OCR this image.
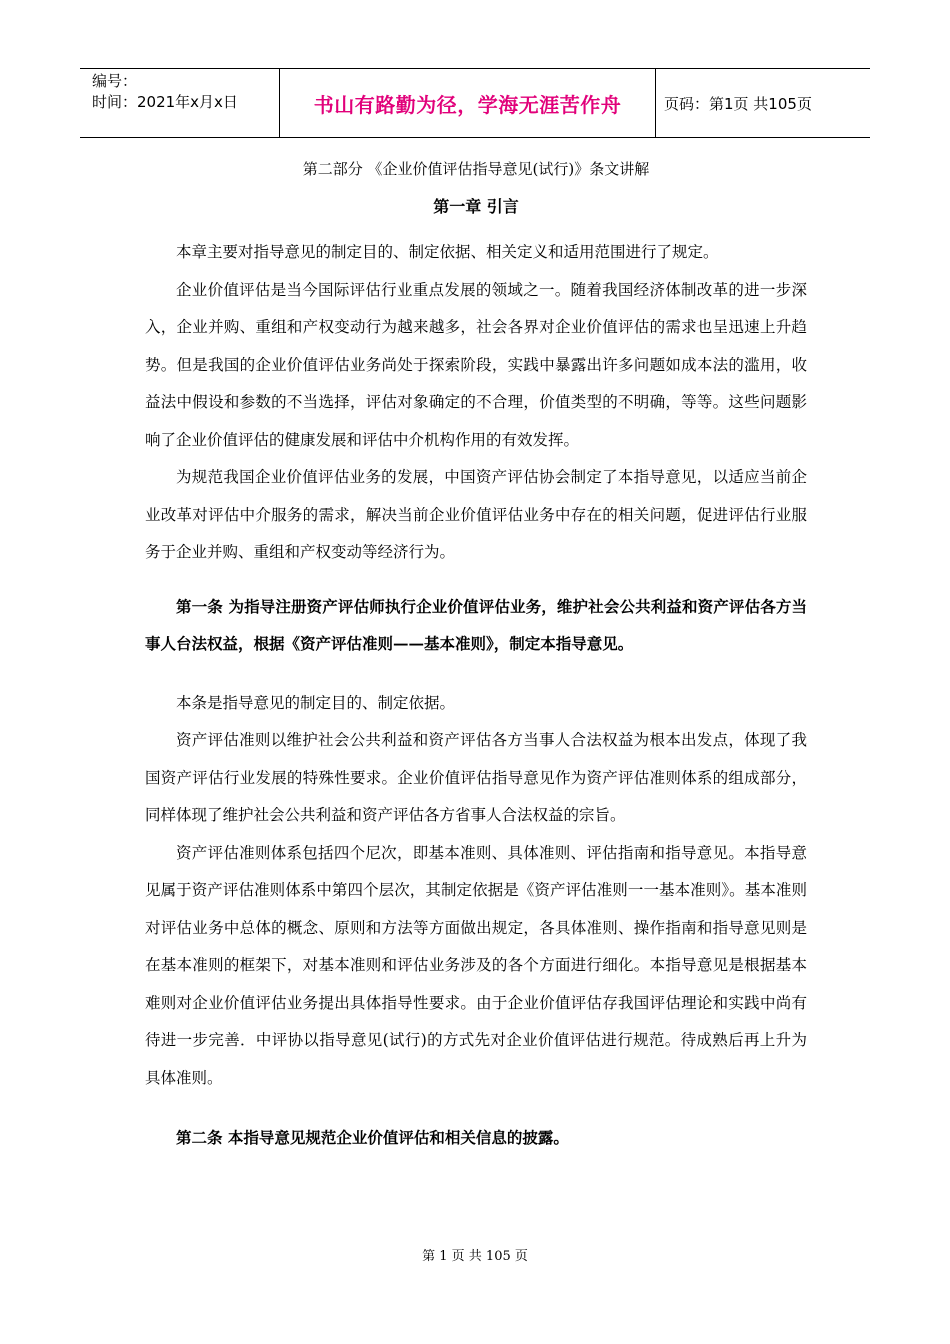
编号：
时间：2021年x月x日	书山有路勤为径，学海无涯苦作舟	页码：第1页 共105页

第二部分 《企业价值评估指导意见(试行)》条文讲解

第一章 引言

本章主要对指导意见的制定目的、制定依据、相关定义和适用范围进行了规定。

企业价值评估是当今国际评估行业重点发展的领域之一。随着我国经济体制改革的进一步深入，企业并购、重组和产权变动行为越来越多，社会各界对企业价值评估的需求也呈迅速上升趋势。但是我国的企业价值评估业务尚处于探索阶段，实践中暴露出许多问题如成本法的滥用，收益法中假设和参数的不当选择，评估对象确定的不合理，价值类型的不明确，等等。这些问题影响了企业价值评估的健康发展和评估中介机构作用的有效发挥。

为规范我国企业价值评估业务的发展，中国资产评估协会制定了本指导意见，以适应当前企业改革对评估中介服务的需求，解决当前企业价值评估业务中存在的相关问题，促进评估行业服务于企业并购、重组和产权变动等经济行为。

第一条 为指导注册资产评估师执行企业价值评估业务，维护社会公共利益和资产评估各方当事人台法权益，根据《资产评估准则——基本准则》，制定本指导意见。

本条是指导意见的制定目的、制定依据。

资产评估准则以维护社会公共利益和资产评估各方当事人合法权益为根本出发点，体现了我国资产评估行业发展的特殊性要求。企业价值评估指导意见作为资产评估准则体系的组成部分，同样体现了维护社会公共利益和资产评估各方省事人合法权益的宗旨。

资产评估准则体系包括四个尼次，即基本准则、具体准则、评估指南和指导意见。本指导意见属于资产评估准则体系中第四个层次，其制定依据是《资产评估准则一一基本准则》。基本准则对评估业务中总体的概念、原则和方法等方面做出规定，各具体准则、操作指南和指导意见则是在基本准则的框架下，对基本准则和评估业务涉及的各个方面进行细化。本指导意见是根据基本难则对企业价值评估业务提出具体指导性要求。由于企业价值评估存我国评估理论和实践中尚有待进一步完善．中评协以指导意见(试行)的方式先对企业价值评估进行规范。待成熟后再上升为具体准则。

第二条 本指导意见规范企业价值评估和相关信息的披露。

第 1 页 共 105 页
